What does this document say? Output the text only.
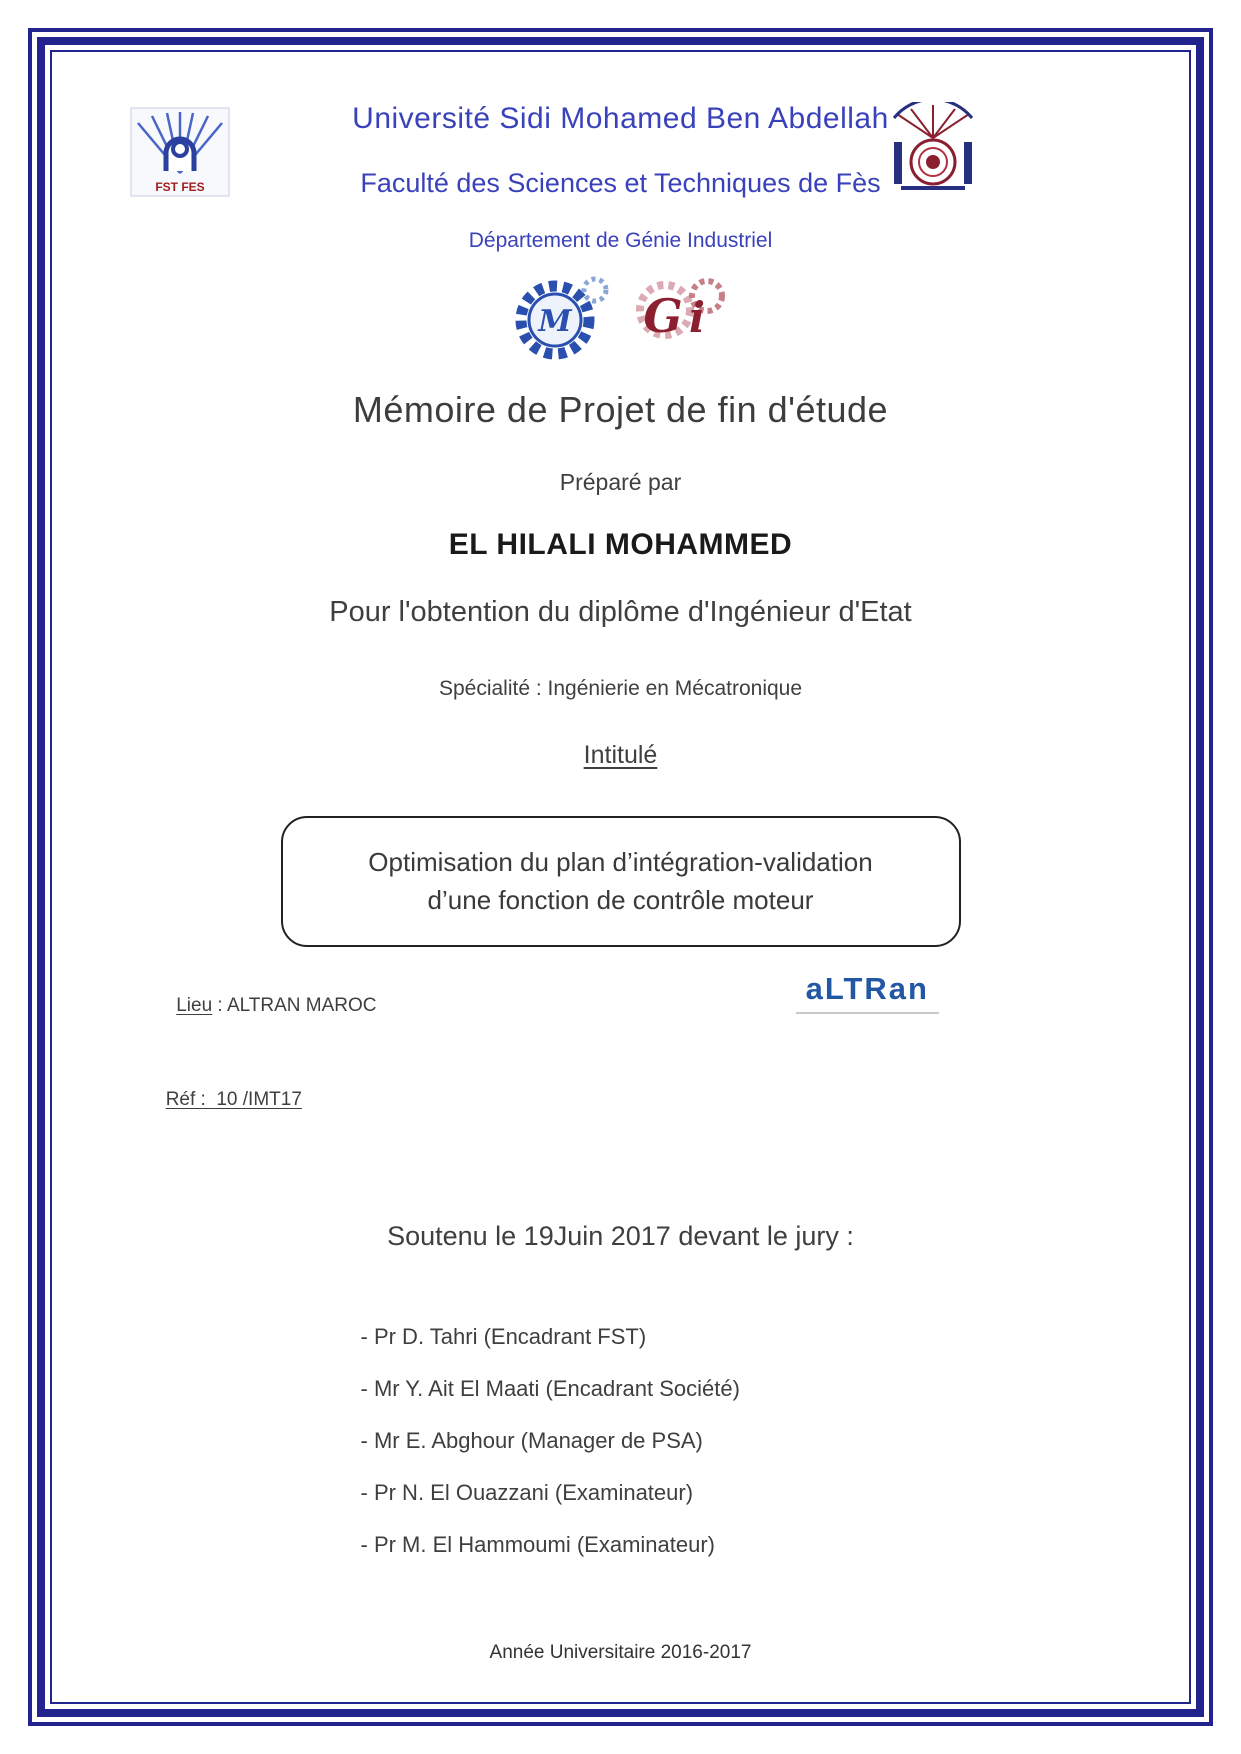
FST FES
Université Sidi Mohamed Ben Abdellah
Faculté des Sciences et Techniques de Fès
Département de Génie Industriel
M G i
Mémoire de Projet de fin d'étude
Préparé par
EL HILALI MOHAMMED
Pour l'obtention du diplôme d'Ingénieur d'Etat
Spécialité : Ingénierie en Mécatronique
Intitulé
Optimisation du plan d’intégration-validation
d’une fonction de contrôle moteur

Lieu : ALTRAN MAROC
	aLTRan

Réf :  10 /IMT17

Soutenu le 19Juin 2017 devant le jury :
- Pr D. Tahri (Encadrant FST)
- Mr Y. Ait El Maati (Encadrant Société)
- Mr E. Abghour (Manager de PSA)
- Pr N. El Ouazzani (Examinateur)
- Pr M. El Hammoumi (Examinateur)
Année Universitaire 2016-2017
